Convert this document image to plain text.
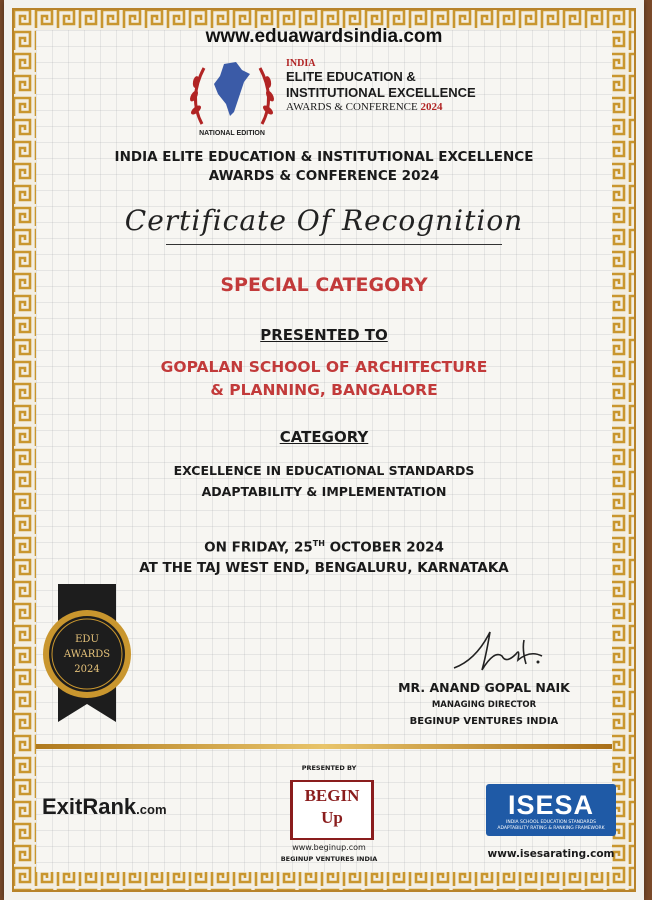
www.eduawardsindia.com
INDIA
ELITE EDUCATION &
INSTITUTIONAL EXCELLENCE
AWARDS & CONFERENCE 2024
NATIONAL EDITION
INDIA ELITE EDUCATION & INSTITUTIONAL EXCELLENCE
AWARDS & CONFERENCE 2024
Certificate Of Recognition
SPECIAL CATEGORY
PRESENTED TO
GOPALAN SCHOOL OF ARCHITECTURE
& PLANNING, BANGALORE
CATEGORY
EXCELLENCE IN EDUCATIONAL STANDARDS
ADAPTABILITY & IMPLEMENTATION
ON FRIDAY, 25TH OCTOBER 2024
AT THE TAJ WEST END, BENGALURU, KARNATAKA
EDU
AWARDS
2024
MR. ANAND GOPAL NAIK
MANAGING DIRECTOR
BEGINUP VENTURES INDIA
ExitRank.com
PRESENTED BY
BEGIN
Up
www.beginup.com
BEGINUP VENTURES INDIA
ISESA
INDIA SCHOOL EDUCATION STANDARDS ADAPTABILITY RATING & RANKING FRAMEWORK
www.isesarating.com
